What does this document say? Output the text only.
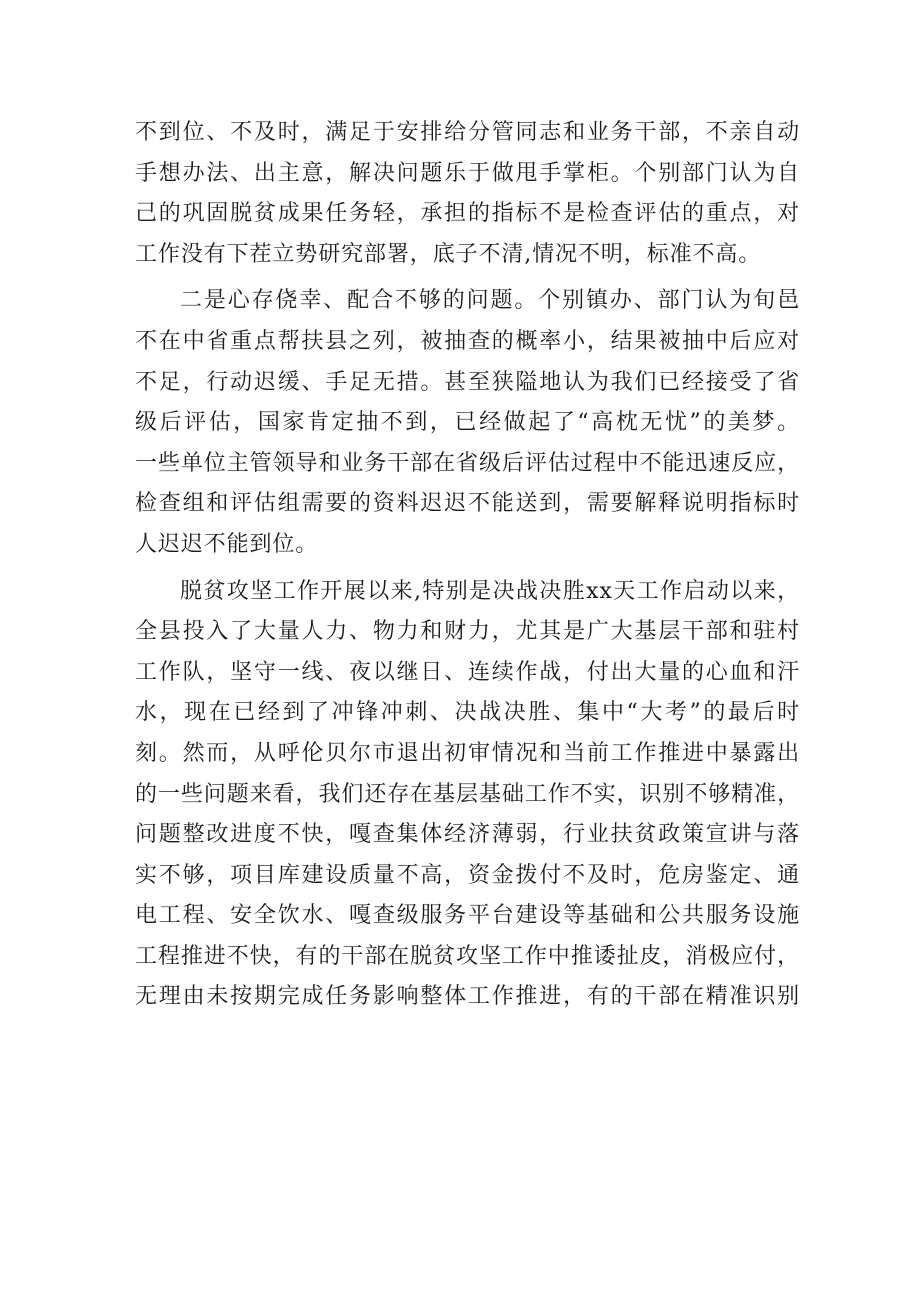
不到位、不及时，满足于安排给分管同志和业务干部，不亲自动
手想办法、出主意，解决问题乐于做甩手掌柜。个别部门认为自
己的巩固脱贫成果任务轻，承担的指标不是检查评估的重点，对
工作没有下茬立势研究部署，底子不清,情况不明，标准不高。
二是心存侥幸、配合不够的问题。个别镇办、部门认为旬邑
不在中省重点帮扶县之列，被抽查的概率小，结果被抽中后应对
不足，行动迟缓、手足无措。甚至狭隘地认为我们已经接受了省
级后评估，国家肯定抽不到，已经做起了“高枕无忧”的美梦。
一些单位主管领导和业务干部在省级后评估过程中不能迅速反应，
检查组和评估组需要的资料迟迟不能送到，需要解释说明指标时
人迟迟不能到位。
脱贫攻坚工作开展以来,特别是决战决胜xx天工作启动以来，
全县投入了大量人力、物力和财力，尤其是广大基层干部和驻村
工作队，坚守一线、夜以继日、连续作战，付出大量的心血和汗
水，现在已经到了冲锋冲刺、决战决胜、集中“大考”的最后时
刻。然而，从呼伦贝尔市退出初审情况和当前工作推进中暴露出
的一些问题来看，我们还存在基层基础工作不实，识别不够精准，
问题整改进度不快，嘎查集体经济薄弱，行业扶贫政策宣讲与落
实不够，项目库建设质量不高，资金拨付不及时，危房鉴定、通
电工程、安全饮水、嘎查级服务平台建设等基础和公共服务设施
工程推进不快，有的干部在脱贫攻坚工作中推诿扯皮，消极应付，
无理由未按期完成任务影响整体工作推进，有的干部在精准识别
